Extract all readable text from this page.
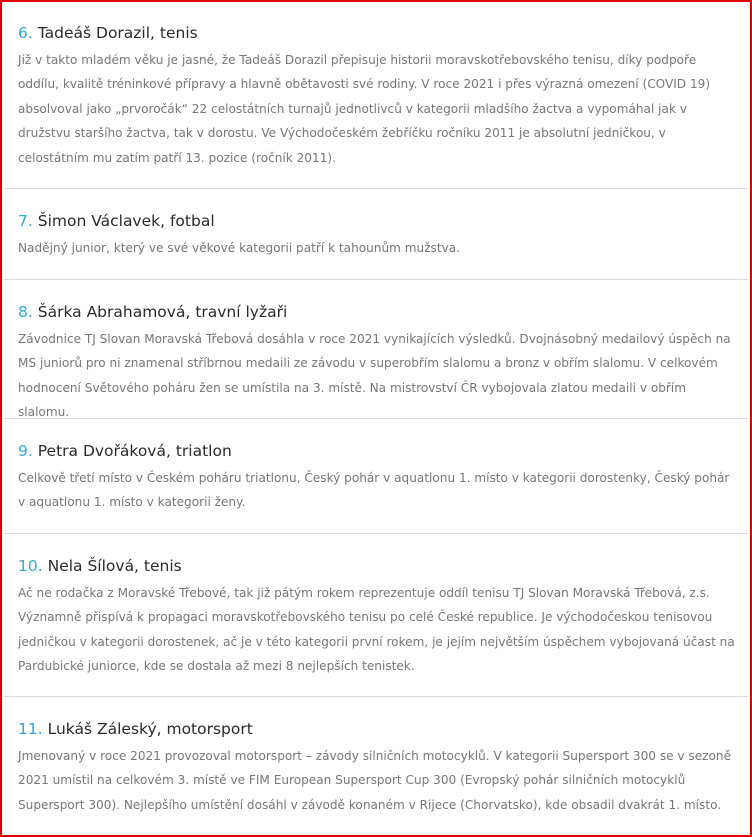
6. Tadeáš Dorazil, tenis

Již v takto mladém věku je jasné, že Tadeáš Dorazil přepisuje historii moravskotřebovského tenisu, díky podpoře oddílu, kvalitě tréninkové přípravy a hlavně obětavosti své rodiny. V roce 2021 i přes výrazná omezení (COVID 19) absolvoval jako „prvoročák“ 22 celostátních turnajů jednotlivců v kategorii mladšího žactva a vypomáhal jak v družstvu staršího žactva, tak v dorostu. Ve Východočeském žebříčku ročníku 2011 je absolutní jedničkou, v celostátním mu zatím patří 13. pozice (ročník 2011).

7. Šimon Václavek, fotbal

Nadějný junior, který ve své věkové kategorii patří k tahounům mužstva.

8. Šárka Abrahamová, travní lyžaři

Závodnice TJ Slovan Moravská Třebová dosáhla v roce 2021 vynikajících výsledků. Dvojnásobný medailový úspěch na MS juniorů pro ni znamenal stříbrnou medaili ze závodu v superobřím slalomu a bronz v obřím slalomu. V celkovém hodnocení Světového poháru žen se umístila na 3. místě. Na mistrovství ČR vybojovala zlatou medaili v obřím slalomu.

9. Petra Dvořáková, triatlon

Celkově třetí místo v Českém poháru triatlonu, Český pohár v aquatlonu 1. místo v kategorii dorostenky, Český pohár v aquatlonu 1. místo v kategorii ženy.

10. Nela Šílová, tenis

Ač ne rodačka z Moravské Třebové, tak již pátým rokem reprezentuje oddíl tenisu TJ Slovan Moravská Třebová, z.s. Významně přispívá k propagaci moravskotřebovského tenisu po celé České republice. Je východočeskou tenisovou jedničkou v kategorii dorostenek, ač je v této kategorii první rokem, je jejím největším úspěchem vybojovaná účast na Pardubické juniorce, kde se dostala až mezi 8 nejlepších tenistek.

11. Lukáš Záleský, motorsport

Jmenovaný v roce 2021 provozoval motorsport – závody silničních motocyklů. V kategorii Supersport 300 se v sezoně 2021 umístil na celkovém 3. místě ve FIM European Supersport Cup 300 (Evropský pohár silničních motocyklů Supersport 300). Nejlepšího umístění dosáhl v závodě konaném v Rijece (Chorvatsko), kde obsadil dvakrát 1. místo.
